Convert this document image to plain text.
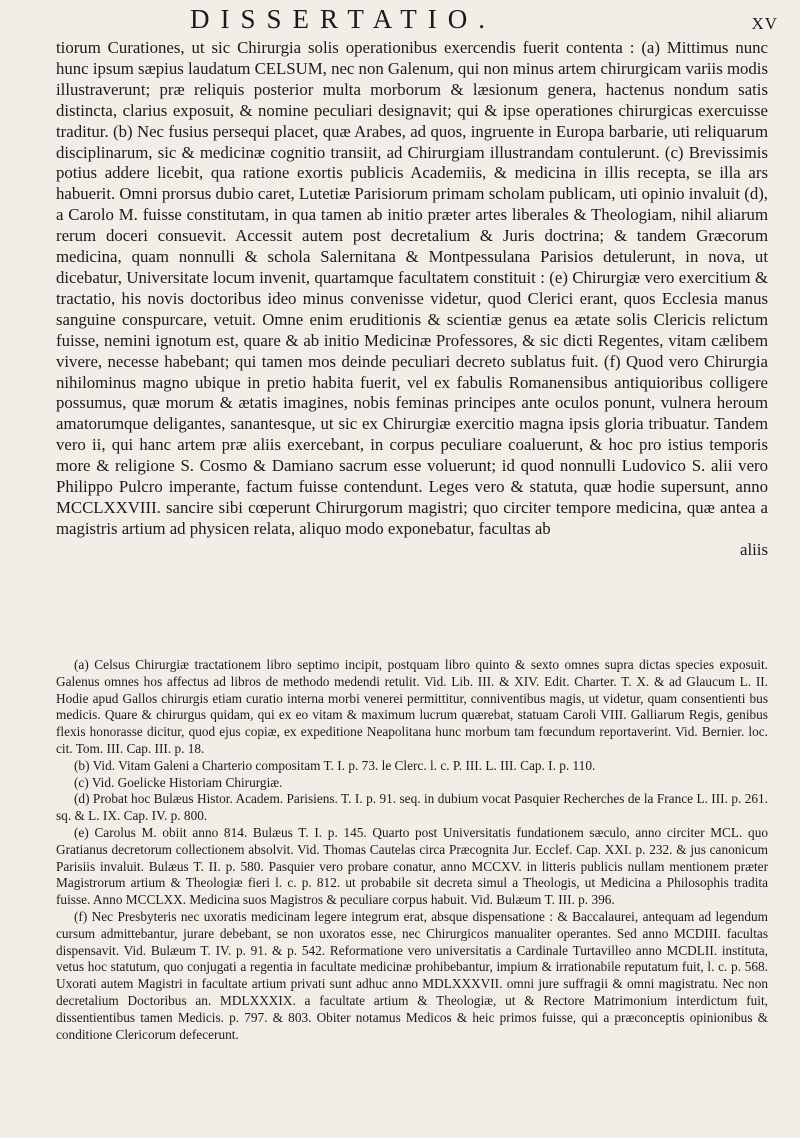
DISSERTATIO.	XV

tiorum Curationes, ut sic Chirurgia solis operationibus exercendis fuerit contenta : (a) Mittimus nunc hunc ipsum sæpius laudatum CELSUM, nec non Galenum, qui non minus artem chirurgicam variis modis illustraverunt; præ reliquis posterior multa morborum & læsionum genera, hactenus nondum satis distincta, clarius exposuit, & nomine peculiari designavit; qui & ipse operationes chirurgicas exercuisse traditur. (b) Nec fusius persequi placet, quæ Arabes, ad quos, ingruente in Europa barbarie, uti reliquarum disciplinarum, sic & medicinæ cognitio transiit, ad Chirurgiam illustrandam contulerunt. (c) Brevissimis potius addere licebit, qua ratione exortis publicis Academiis, & medicina in illis recepta, se illa ars habuerit. Omni prorsus dubio caret, Lutetiæ Parisiorum primam scholam publicam, uti opinio invaluit (d), a Carolo M. fuisse constitutam, in qua tamen ab initio præter artes liberales & Theologiam, nihil aliarum rerum doceri consuevit. Accessit autem post decretalium & Juris doctrina; & tandem Græcorum medicina, quam nonnulli & schola Salernitana & Montpessulana Parisios detulerunt, in nova, ut dicebatur, Universitate locum invenit, quartamque facultatem constituit : (e) Chirurgiæ vero exercitium & tractatio, his novis doctoribus ideo minus convenisse videtur, quod Clerici erant, quos Ecclesia manus sanguine conspurcare, vetuit. Omne enim eruditionis & scientiæ genus ea ætate solis Clericis relictum fuisse, nemini ignotum est, quare & ab initio Medicinæ Professores, & sic dicti Regentes, vitam cælibem vivere, necesse habebant; qui tamen mos deinde peculiari decreto sublatus fuit. (f) Quod vero Chirurgia nihilominus magno ubique in pretio habita fuerit, vel ex fabulis Romanensibus antiquioribus colligere possumus, quæ morum & ætatis imagines, nobis feminas principes ante oculos ponunt, vulnera heroum amatorumque deligantes, sanantesque, ut sic ex Chirurgiæ exercitio magna ipsis gloria tribuatur. Tandem vero ii, qui hanc artem præ aliis exercebant, in corpus peculiare coaluerunt, & hoc pro istius temporis more & religione S. Cosmo & Damiano sacrum esse voluerunt; id quod nonnulli Ludovico S. alii vero Philippo Pulcro imperante, factum fuisse contendunt. Leges vero & statuta, quæ hodie supersunt, anno MCCLXXVIII. sancire sibi cœperunt Chirurgorum magistri; quo circiter tempore medicina, quæ antea a magistris artium ad physicen relata, aliquo modo exponebatur, facultas ab

aliis

(a) Celsus Chirurgiæ tractationem libro septimo incipit, postquam libro quinto & sexto omnes supra dictas species exposuit. Galenus omnes hos affectus ad libros de methodo medendi retulit. Vid. Lib. III. & XIV. Edit. Charter. T. X. & ad Glaucum L. II. Hodie apud Gallos chirurgis etiam curatio interna morbi venerei permittitur, conniventibus magis, ut videtur, quam consentienti bus medicis. Quare & chirurgus quidam, qui ex eo vitam & maximum lucrum quærebat, statuam Caroli VIII. Galliarum Regis, genibus flexis honorasse dicitur, quod ejus copiæ, ex expeditione Neapolitana hunc morbum tam fœcundum reportaverint. Vid. Bernier. loc. cit. Tom. III. Cap. III. p. 18.

(b) Vid. Vitam Galeni a Charterio compositam T. I. p. 73. le Clerc. l. c. P. III. L. III. Cap. I. p. 110.

(c) Vid. Goelicke Historiam Chirurgiæ.

(d) Probat hoc Bulæus Histor. Academ. Parisiens. T. I. p. 91. seq. in dubium vocat Pasquier Recherches de la France L. III. p. 261. sq. & L. IX. Cap. IV. p. 800.

(e) Carolus M. obiit anno 814. Bulæus T. I. p. 145. Quarto post Universitatis fundationem sæculo, anno circiter MCL. quo Gratianus decretorum collectionem absolvit. Vid. Thomas Cautelas circa Præcognita Jur. Ecclef. Cap. XXI. p. 232. & jus canonicum Parisiis invaluit. Bulæus T. II. p. 580. Pasquier vero probare conatur, anno MCCXV. in litteris publicis nullam mentionem præter Magistrorum artium & Theologiæ fieri l. c. p. 812. ut probabile sit decreta simul a Theologis, ut Medicina a Philosophis tradita fuisse. Anno MCCLXX. Medicina suos Magistros & peculiare corpus habuit. Vid. Bulæum T. III. p. 396.

(f) Nec Presbyteris nec uxoratis medicinam legere integrum erat, absque dispensatione : & Baccalaurei, antequam ad legendum cursum admittebantur, jurare debebant, se non uxoratos esse, nec Chirurgicos manualiter operantes. Sed anno MCDIII. facultas dispensavit. Vid. Bulæum T. IV. p. 91. & p. 542. Reformatione vero universitatis a Cardinale Turtavilleo anno MCDLII. instituta, vetus hoc statutum, quo conjugati a regentia in facultate medicinæ prohibebantur, impium & irrationabile reputatum fuit, l. c. p. 568. Uxorati autem Magistri in facultate artium privati sunt adhuc anno MDLXXXVII. omni jure suffragii & omni magistratu. Nec non decretalium Doctoribus an. MDLXXXIX. a facultate artium & Theologiæ, ut & Rectore Matrimonium interdictum fuit, dissentientibus tamen Medicis. p. 797. & 803. Obiter notamus Medicos & heic primos fuisse, qui a præconceptis opinionibus & conditione Clericorum defecerunt.
